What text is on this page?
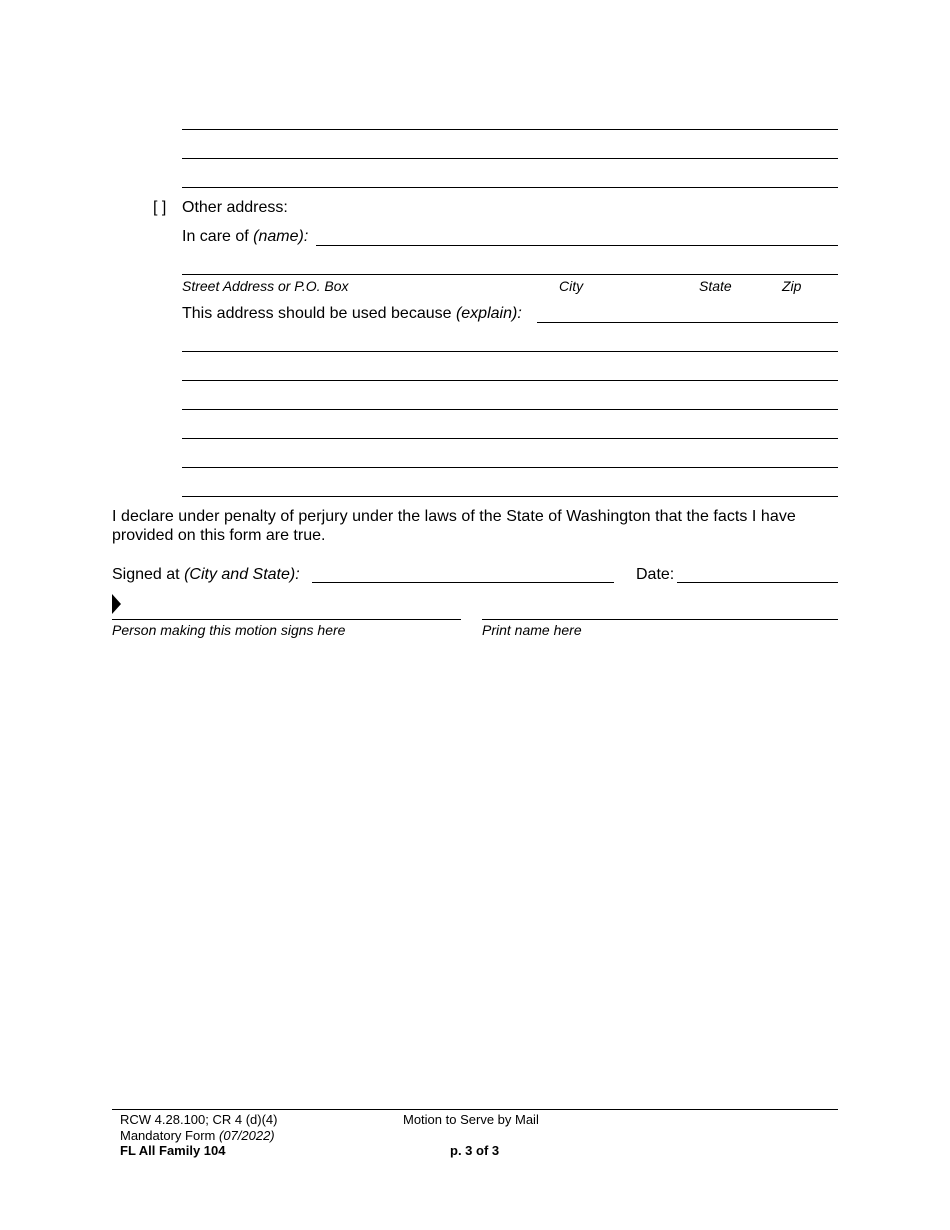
[ ] Other address:
In care of (name):
Street Address or P.O. Box	City	State	Zip
This address should be used because (explain):
I declare under penalty of perjury under the laws of the State of Washington that the facts I have
provided on this form are true.
Signed at (City and State):	Date:
Person making this motion signs here	Print name here
RCW 4.28.100; CR 4 (d)(4)
Mandatory Form (07/2022)
FL All Family 104
Motion to Serve by Mail
p. 3 of 3
